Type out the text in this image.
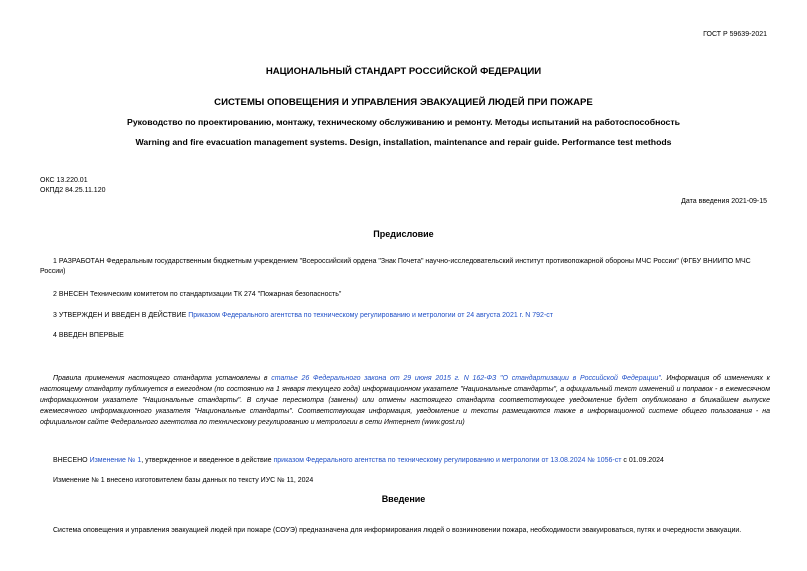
ГОСТ Р 59639-2021
НАЦИОНАЛЬНЫЙ СТАНДАРТ РОССИЙСКОЙ ФЕДЕРАЦИИ
СИСТЕМЫ ОПОВЕЩЕНИЯ И УПРАВЛЕНИЯ ЭВАКУАЦИЕЙ ЛЮДЕЙ ПРИ ПОЖАРЕ
Руководство по проектированию, монтажу, техническому обслуживанию и ремонту. Методы испытаний на работоспособность
Warning and fire evacuation management systems. Design, installation, maintenance and repair guide. Performance test methods
ОКС 13.220.01
ОКПД2 84.25.11.120
Дата введения 2021-09-15
Предисловие
1 РАЗРАБОТАН Федеральным государственным бюджетным учреждением "Всероссийский ордена "Знак Почета" научно-исследовательский институт противопожарной обороны МЧС России" (ФГБУ ВНИИПО МЧС России)
2 ВНЕСЕН Техническим комитетом по стандартизации ТК 274 "Пожарная безопасность"
3 УТВЕРЖДЕН И ВВЕДЕН В ДЕЙСТВИЕ Приказом Федерального агентства по техническому регулированию и метрологии от 24 августа 2021 г. N 792-ст
4 ВВЕДЕН ВПЕРВЫЕ
Правила применения настоящего стандарта установлены в статье 26 Федерального закона от 29 июня 2015 г. N 162-ФЗ "О стандартизации в Российской Федерации". Информация об изменениях к настоящему стандарту публикуется в ежегодном (по состоянию на 1 января текущего года) информационном указателе "Национальные стандарты", а официальный текст изменений и поправок - в ежемесячном информационном указателе "Национальные стандарты". В случае пересмотра (замены) или отмены настоящего стандарта соответствующее уведомление будет опубликовано в ближайшем выпуске ежемесячного информационного указателя "Национальные стандарты". Соответствующая информация, уведомление и тексты размещаются также в информационной системе общего пользования - на официальном сайте Федерального агентства по техническому регулированию и метрологии в сети Интернет (www.gost.ru)
ВНЕСЕНО Изменение № 1, утвержденное и введенное в действие приказом Федерального агентства по техническому регулированию и метрологии от 13.08.2024 № 1056-ст с 01.09.2024
Изменение № 1 внесено изготовителем базы данных по тексту ИУС № 11, 2024
Введение
Система оповещения и управления эвакуацией людей при пожаре (СОУЭ) предназначена для информирования людей о возникновении пожара, необходимости эвакуироваться, путях и очередности эвакуации.
